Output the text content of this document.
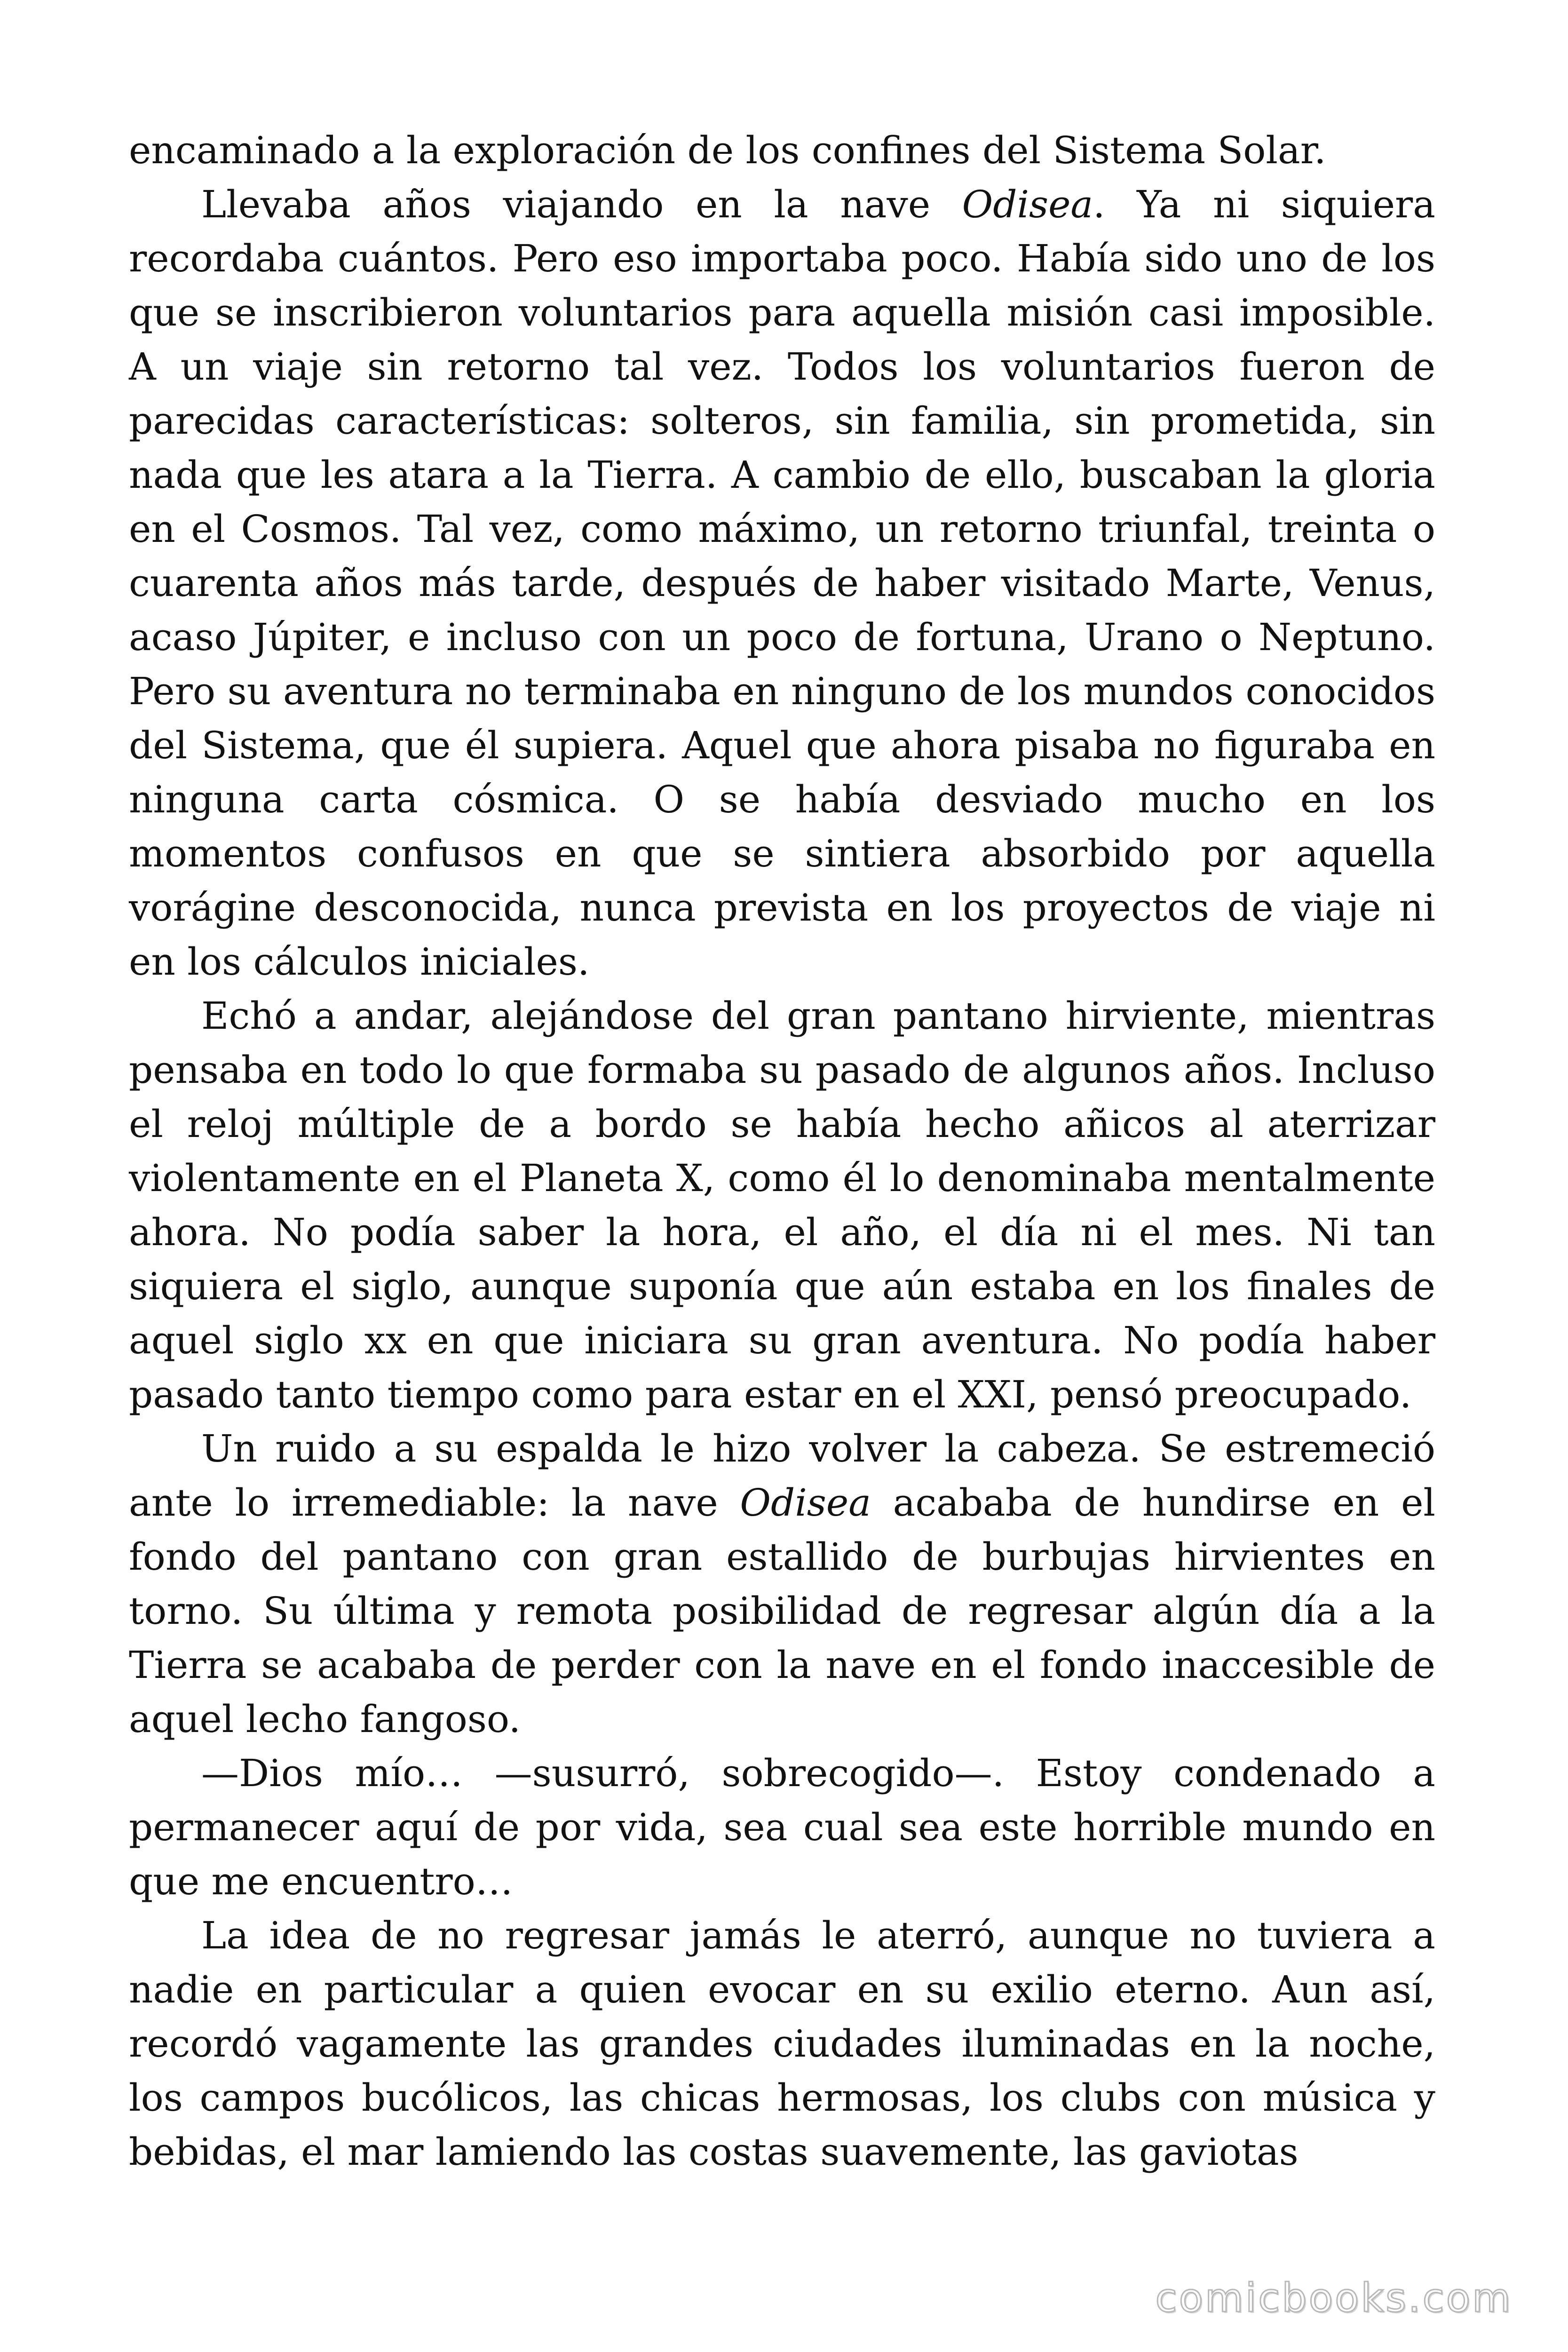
encaminado a la exploración de los confines del Sistema Solar.

Llevaba años viajando en la nave Odisea. Ya ni siquiera recordaba cuántos. Pero eso importaba poco. Había sido uno de los que se inscribieron voluntarios para aquella misión casi imposible. A un viaje sin retorno tal vez. Todos los voluntarios fueron de parecidas características: solteros, sin familia, sin prometida, sin nada que les atara a la Tierra. A cambio de ello, buscaban la gloria en el Cosmos. Tal vez, como máximo, un retorno triunfal, treinta o cuarenta años más tarde, después de haber visitado Marte, Venus, acaso Júpiter, e incluso con un poco de fortuna, Urano o Neptuno. Pero su aventura no terminaba en ninguno de los mundos conocidos del Sistema, que él supiera. Aquel que ahora pisaba no figuraba en ninguna carta cósmica. O se había desviado mucho en los momentos confusos en que se sintiera absorbido por aquella vorágine desconocida, nunca prevista en los proyectos de viaje ni en los cálculos iniciales.

Echó a andar, alejándose del gran pantano hirviente, mientras pensaba en todo lo que formaba su pasado de algunos años. Incluso el reloj múltiple de a bordo se había hecho añicos al aterrizar violentamente en el Planeta X, como él lo denominaba mentalmente ahora. No podía saber la hora, el año, el día ni el mes. Ni tan siquiera el siglo, aunque suponía que aún estaba en los finales de aquel siglo xx en que iniciara su gran aventura. No podía haber pasado tanto tiempo como para estar en el XXI, pensó preocupado.

Un ruido a su espalda le hizo volver la cabeza. Se estremeció ante lo irremediable: la nave Odisea acababa de hundirse en el fondo del pantano con gran estallido de burbujas hirvientes en torno. Su última y remota posibilidad de regresar algún día a la Tierra se acababa de perder con la nave en el fondo inaccesible de aquel lecho fangoso.

—Dios mío… —susurró, sobrecogido—. Estoy condenado a permanecer aquí de por vida, sea cual sea este horrible mundo en que me encuentro…

La idea de no regresar jamás le aterró, aunque no tuviera a nadie en particular a quien evocar en su exilio eterno. Aun así, recordó vagamente las grandes ciudades iluminadas en la noche, los campos bucólicos, las chicas hermosas, los clubs con música y bebidas, el mar lamiendo las costas suavemente, las gaviotas

comicbooks.com
